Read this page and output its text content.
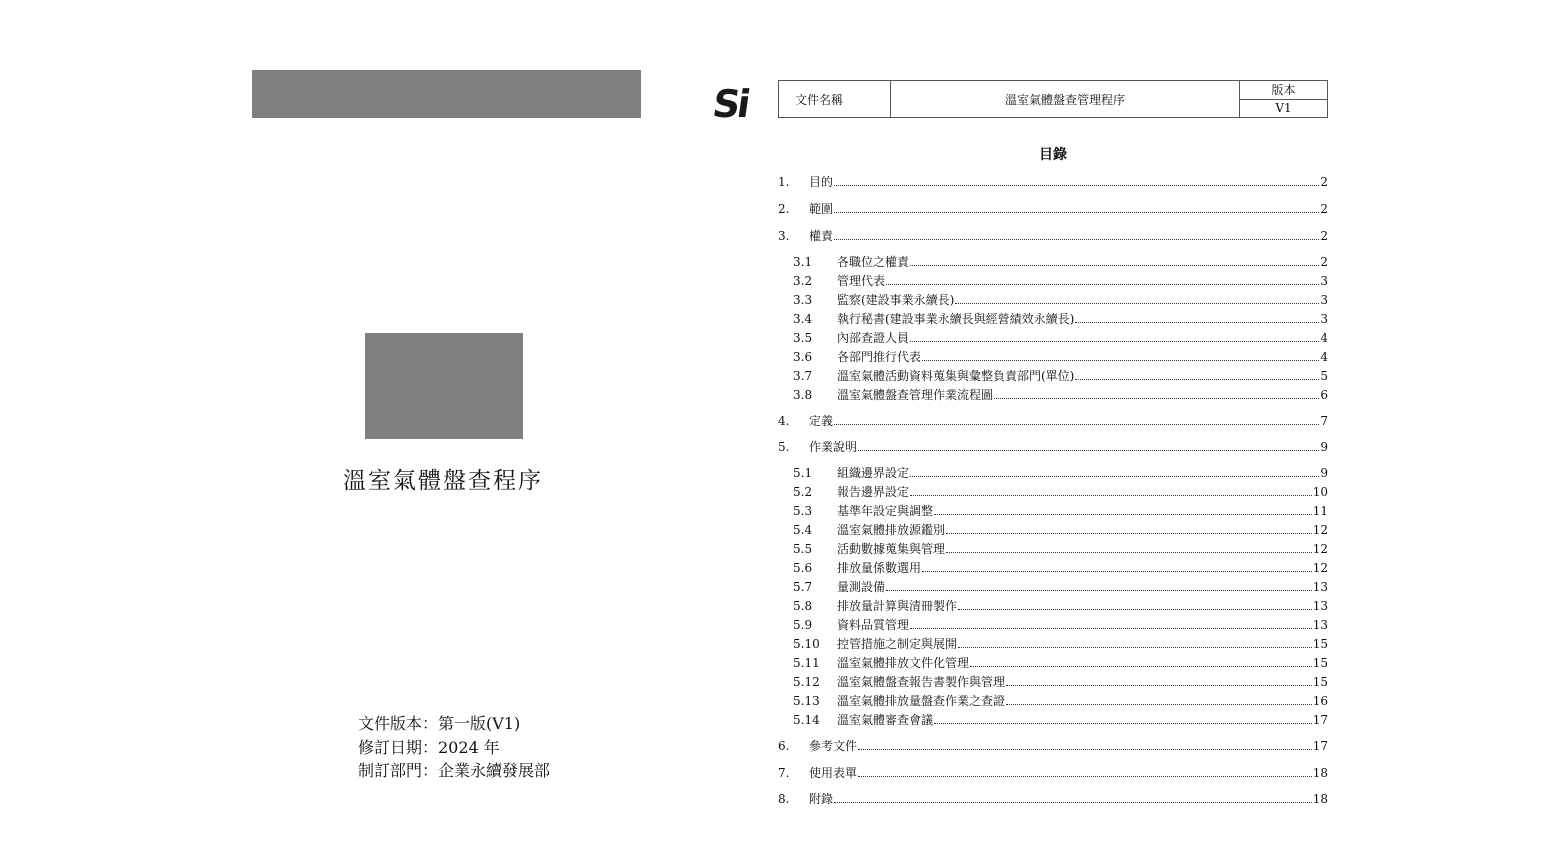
溫室氣體盤查程序
文件版本：第一版(V1)
修訂日期：2024 年
制訂部門：企業永續發展部
Si	文件名稱	溫室氣體盤查管理程序
版本
V1
目錄
1.	目的	2
2.	範圍	2
3.	權責	2
3.1	各職位之權責	2
3.2	管理代表	3
3.3	監察(建設事業永續長)	3
3.4	執行秘書(建設事業永續長與經營績效永續長)	3
3.5	內部查證人員	4
3.6	各部門推行代表	4
3.7	溫室氣體活動資料蒐集與彙整負責部門(單位)	5
3.8	溫室氣體盤查管理作業流程圖	6
4.	定義	7
5.	作業說明	9
5.1	組織邊界設定	9
5.2	報告邊界設定	10
5.3	基準年設定與調整	11
5.4	溫室氣體排放源鑑別	12
5.5	活動數據蒐集與管理	12
5.6	排放量係數選用	12
5.7	量測設備	13
5.8	排放量計算與清冊製作	13
5.9	資料品質管理	13
5.10	控管措施之制定與展開	15
5.11	溫室氣體排放文件化管理	15
5.12	溫室氣體盤查報告書製作與管理	15
5.13	溫室氣體排放量盤查作業之查證	16
5.14	溫室氣體審查會議	17
6.	參考文件	17
7.	使用表單	18
8.	附錄	18
